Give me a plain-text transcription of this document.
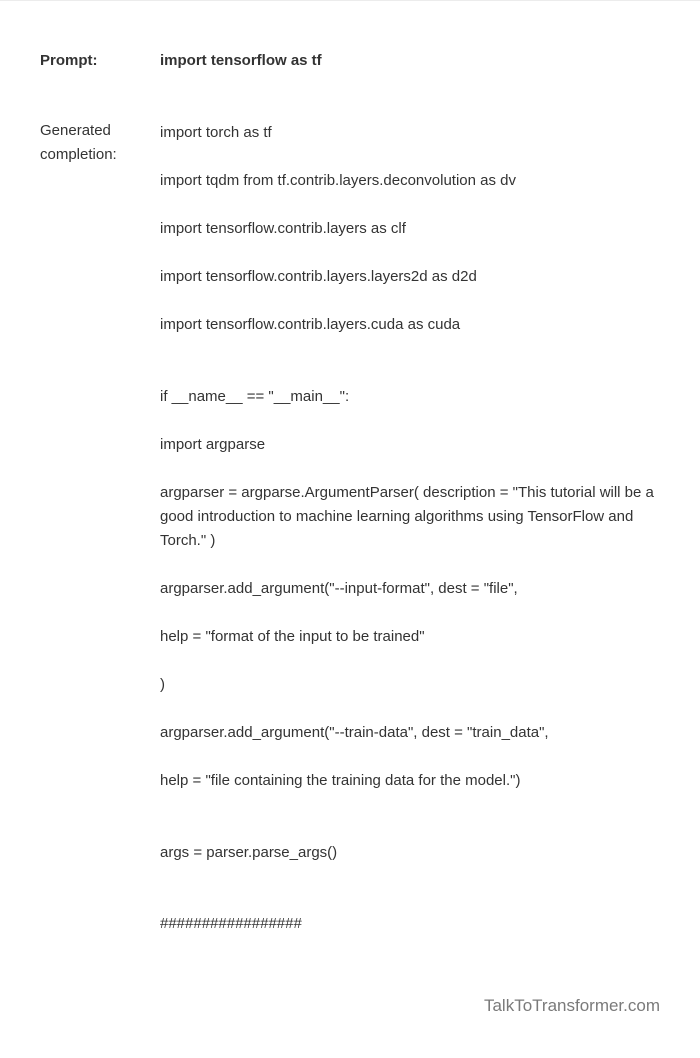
Prompt:	import tensorflow as tf
Generated
completion:
import torch as tf
import tqdm from tf.contrib.layers.deconvolution as dv
import tensorflow.contrib.layers as clf
import tensorflow.contrib.layers.layers2d as d2d
import tensorflow.contrib.layers.cuda as cuda
if __name__ == "__main__":
import argparse
argparser = argparse.ArgumentParser( description = "This tutorial will be a good introduction to machine learning algorithms using TensorFlow and Torch." )
argparser.add_argument("--input-format", dest = "file",
help = "format of the input to be trained"
)
argparser.add_argument("--train-data", dest = "train_data",
help = "file containing the training data for the model.")
args = parser.parse_args()
#################
TalkToTransformer.com
